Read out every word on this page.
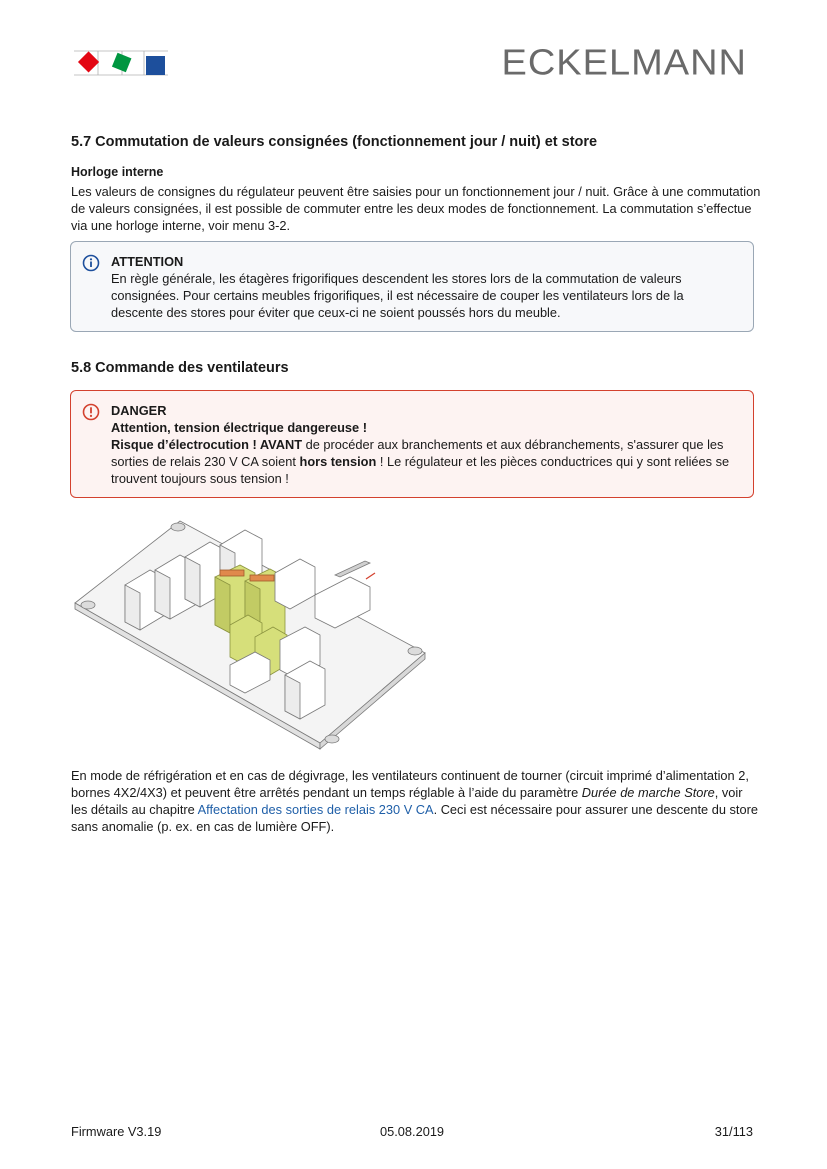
ECKELMANN
5.7 Commutation de valeurs consignées (fonctionnement jour / nuit) et store
Horloge interne

Les valeurs de consignes du régulateur peuvent être saisies pour un fonctionnement jour / nuit. Grâce à une commutation de valeurs consignées, il est possible de commuter entre les deux modes de fonctionnement. La commutation s’effectue via une horloge interne, voir menu 3-2.

ATTENTION
En règle générale, les étagères frigorifiques descendent les stores lors de la commutation de valeurs consignées. Pour certains meubles frigorifiques, il est nécessaire de couper les ventilateurs lors de la descente des stores pour éviter que ceux-ci ne soient poussés hors du meuble.
5.8 Commande des ventilateurs
DANGER
Attention, tension électrique dangereuse !
Risque d’électrocution ! AVANT de procéder aux branchements et aux débranchements, s'assurer que les sorties de relais 230 V CA soient hors tension ! Le régulateur et les pièces conductrices qui y sont reliées se trouvent toujours sous tension !

En mode de réfrigération et en cas de dégivrage, les ventilateurs continuent de tourner (circuit imprimé d’alimentation 2, bornes 4X2/4X3) et peuvent être arrêtés pendant un temps réglable à l’aide du paramètre Durée de marche Store, voir les détails au chapitre Affectation des sorties de relais 230 V CA. Ceci est nécessaire pour assurer une descente du store sans anomalie (p. ex. en cas de lumière OFF).

Firmware V3.19	05.08.2019	31/113
